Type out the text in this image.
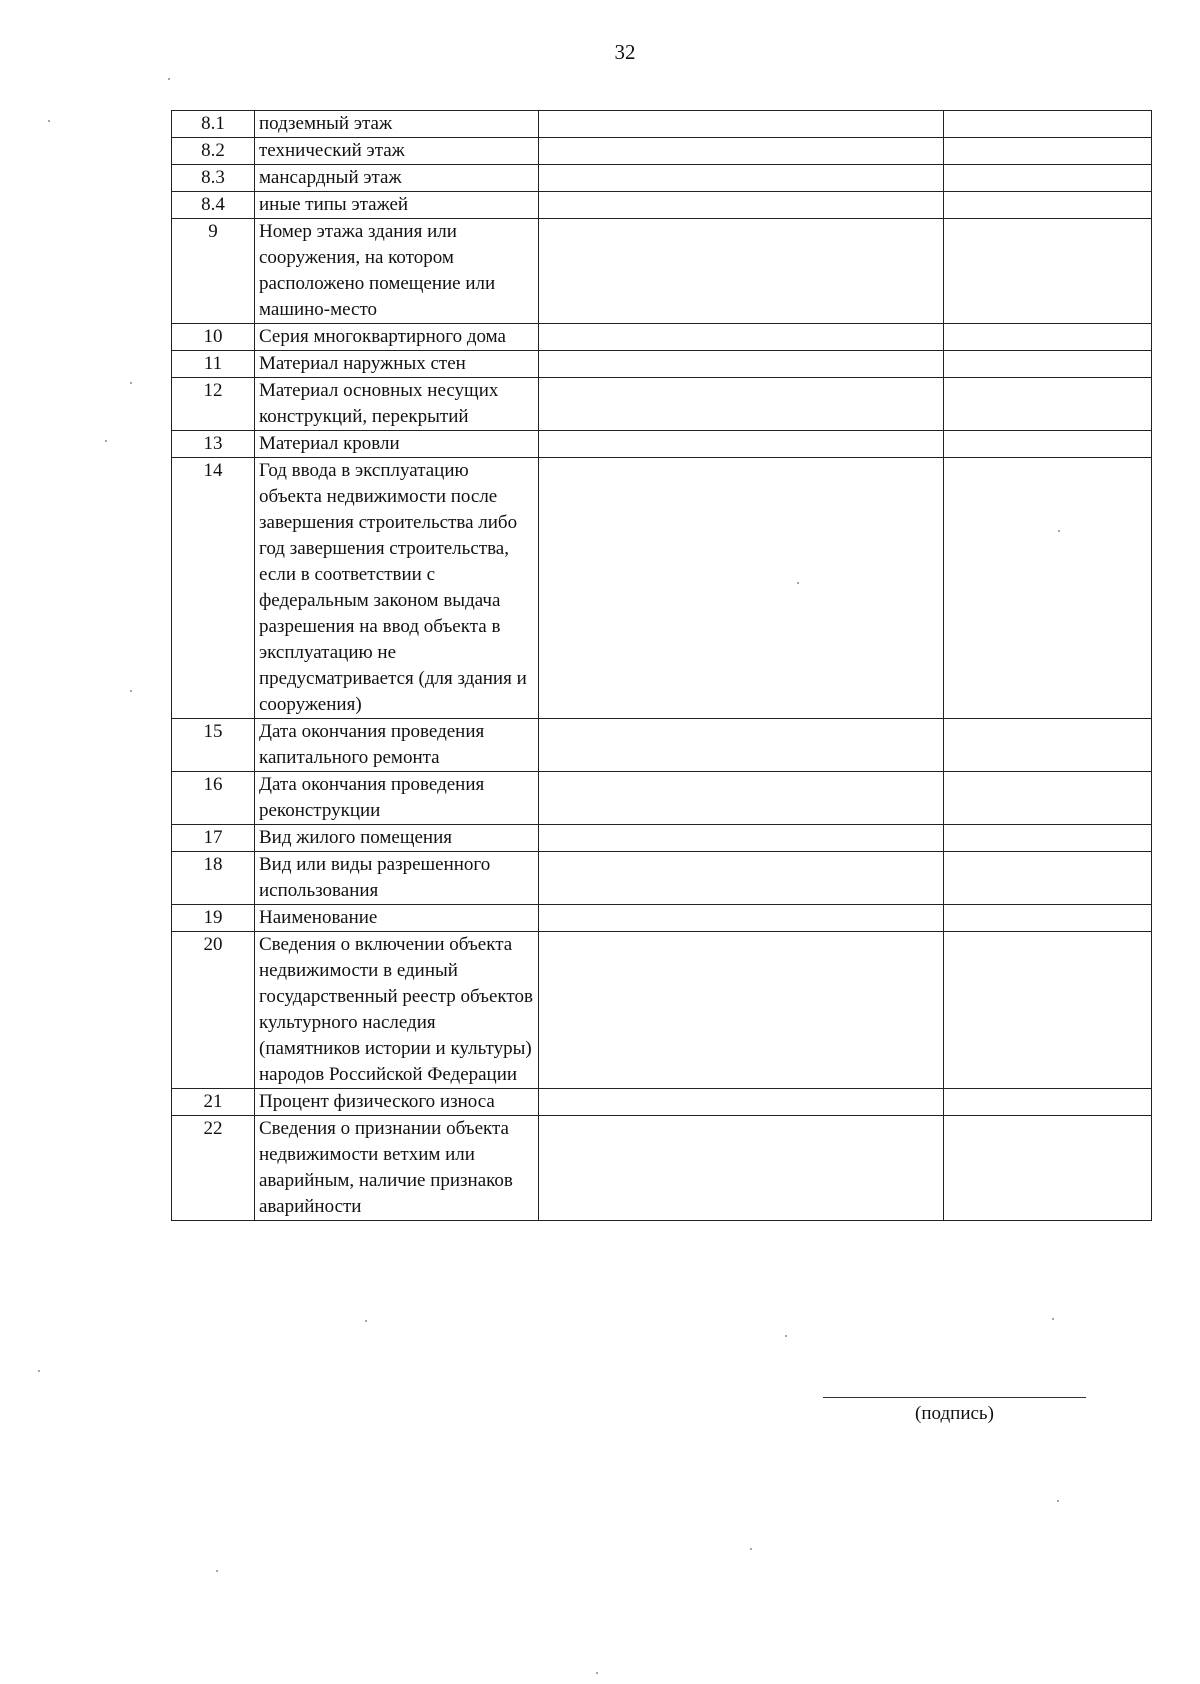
32
8.1	подземный этаж		
8.2	технический этаж		
8.3	мансардный этаж		
8.4	иные типы этажей		
9	Номер этажа здания или сооружения, на котором расположено помещение или машино-место		
10	Серия многоквартирного дома		
11	Материал наружных стен		
12	Материал основных несущих конструкций, перекрытий		
13	Материал кровли		
14	Год ввода в эксплуатацию объекта недвижимости после завершения строительства либо год завершения строительства, если в соответствии с федеральным законом выдача разрешения на ввод объекта в эксплуатацию не предусматривается (для здания и сооружения)		
15	Дата окончания проведения капитального ремонта		
16	Дата окончания проведения реконструкции		
17	Вид жилого помещения		
18	Вид или виды разрешенного использования		
19	Наименование		
20	Сведения о включении объекта недвижимости в единый государственный реестр объектов культурного наследия (памятников истории и культуры) народов Российской Федерации		
21	Процент физического износа		
22	Сведения о признании объекта недвижимости ветхим или аварийным, наличие признаков аварийности		
(подпись)
